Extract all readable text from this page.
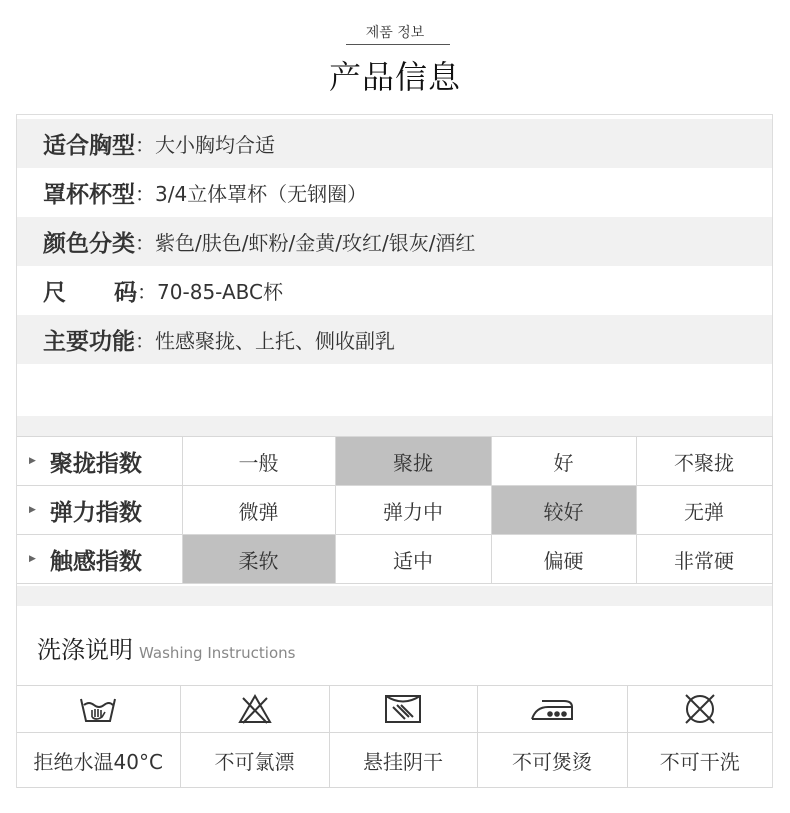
제품 정보
产品信息
适合胸型 ： 大小胸均合适
罩杯杯型 ： 3/4立体罩杯（无钢圈）
颜色分类 ： 紫色/肤色/虾粉/金黄/玫红/银灰/酒红
尺      码 ： 70-85-ABC杯
主要功能 ： 性感聚拢、上托、侧收副乳
▶ 聚拢指数	一般	聚拢	好	不聚拢
▶ 弹力指数	微弹	弹力中	较好	无弹
▶ 触感指数	柔软	适中	偏硬	非常硬
洗涤说明 Washing Instructions

拒绝水温40°C	不可氯漂	悬挂阴干	不可煲烫	不可干洗
